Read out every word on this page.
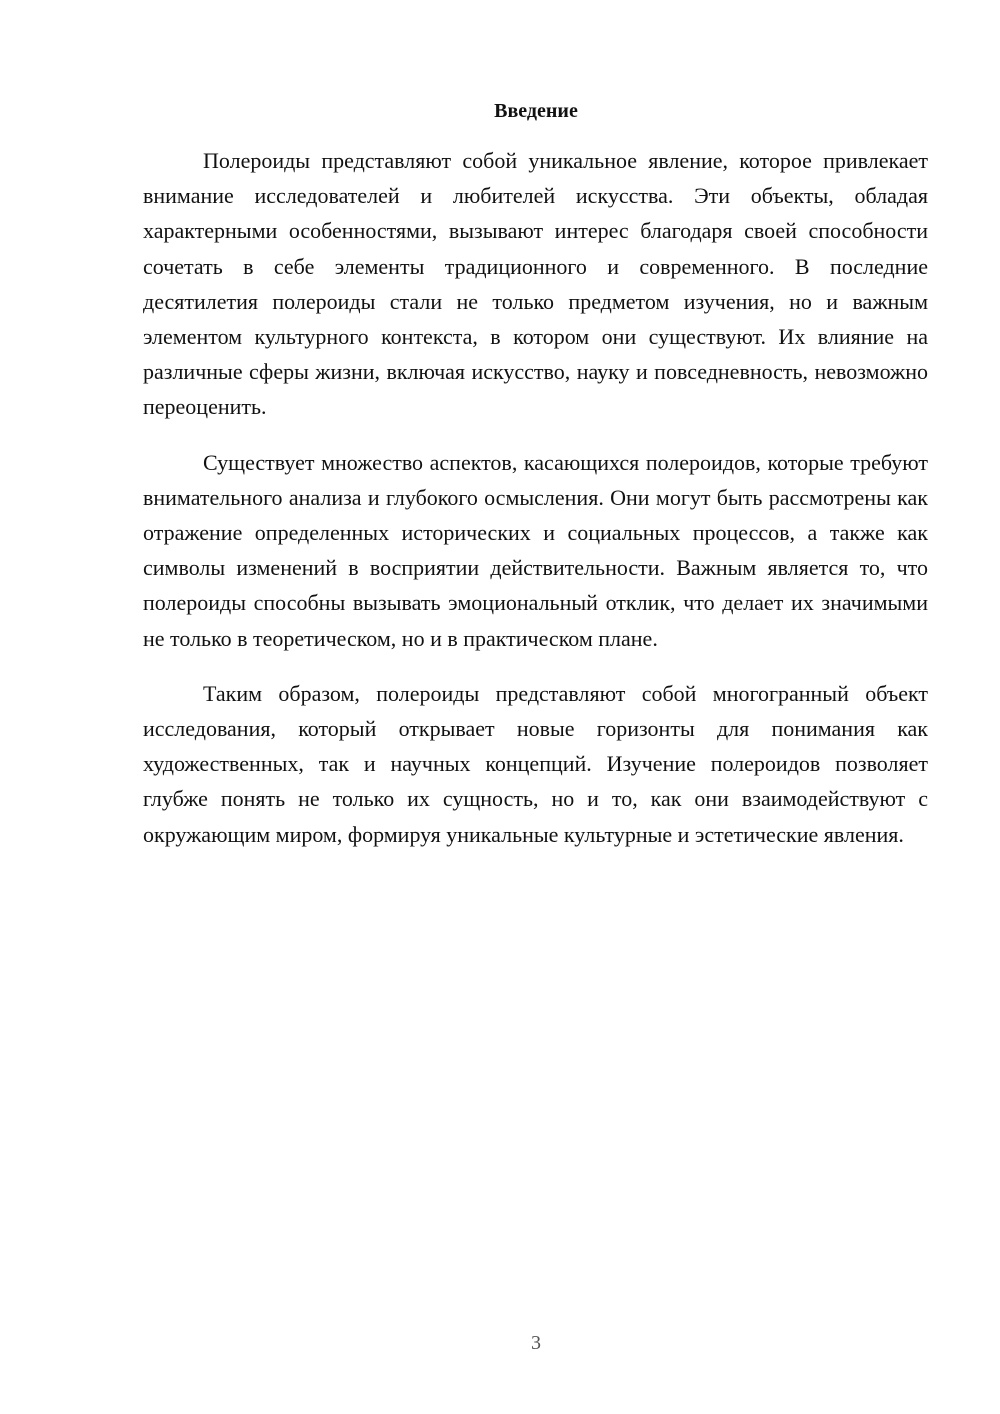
Введение

Полероиды представляют собой уникальное явление, которое привлекает внимание исследователей и любителей искусства. Эти объекты, обладая характерными особенностями, вызывают интерес благодаря своей способности сочетать в себе элементы традиционного и современного. В последние десятилетия полероиды стали не только предметом изучения, но и важным элементом культурного контекста, в котором они существуют. Их влияние на различные сферы жизни, включая искусство, науку и повседневность, невозможно переоценить.

Существует множество аспектов, касающихся полероидов, которые требуют внимательного анализа и глубокого осмысления. Они могут быть рассмотрены как отражение определенных исторических и социальных процессов, а также как символы изменений в восприятии действительности. Важным является то, что полероиды способны вызывать эмоциональный отклик, что делает их значимыми не только в теоретическом, но и в практическом плане.

Таким образом, полероиды представляют собой многогранный объект исследования, который открывает новые горизонты для понимания как художественных, так и научных концепций. Изучение полероидов позволяет глубже понять не только их сущность, но и то, как они взаимодействуют с окружающим миром, формируя уникальные культурные и эстетические явления.

3
